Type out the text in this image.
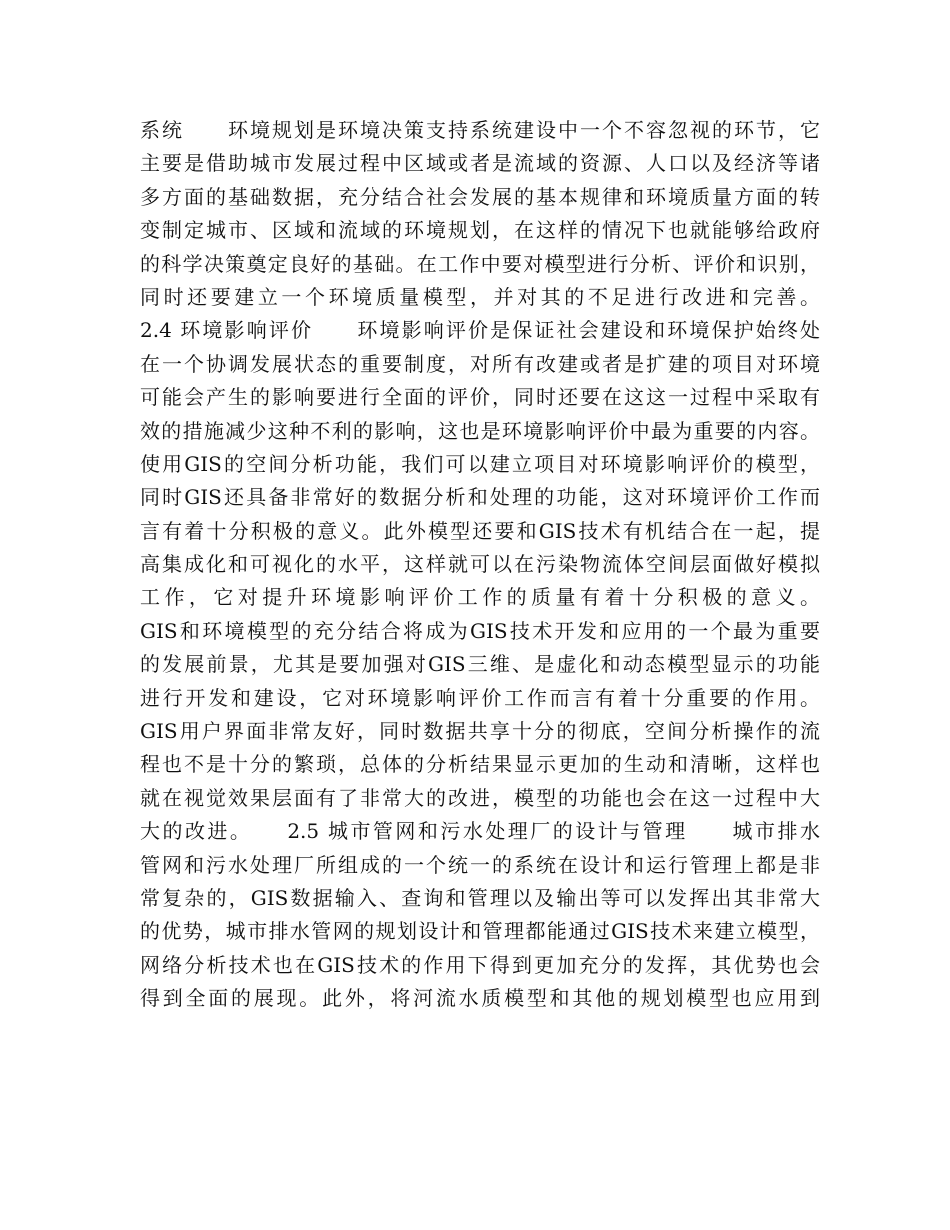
系统　　环境规划是环境决策支持系统建设中一个不容忽视的环节，它
主要是借助城市发展过程中区域或者是流域的资源、人口以及经济等诸
多方面的基础数据，充分结合社会发展的基本规律和环境质量方面的转
变制定城市、区域和流域的环境规划，在这样的情况下也就能够给政府
的科学决策奠定良好的基础。在工作中要对模型进行分析、评价和识别，
同时还要建立一个环境质量模型，并对其的不足进行改进和完善。
2.4 环境影响评价　　环境影响评价是保证社会建设和环境保护始终处
在一个协调发展状态的重要制度，对所有改建或者是扩建的项目对环境
可能会产生的影响要进行全面的评价，同时还要在这这一过程中采取有
效的措施减少这种不利的影响，这也是环境影响评价中最为重要的内容。
使用GIS的空间分析功能，我们可以建立项目对环境影响评价的模型，
同时GIS还具备非常好的数据分析和处理的功能，这对环境评价工作而
言有着十分积极的意义。此外模型还要和GIS技术有机结合在一起，提
高集成化和可视化的水平，这样就可以在污染物流体空间层面做好模拟
工作，它对提升环境影响评价工作的质量有着十分积极的意义。
GIS和环境模型的充分结合将成为GIS技术开发和应用的一个最为重要
的发展前景，尤其是要加强对GIS三维、是虚化和动态模型显示的功能
进行开发和建设，它对环境影响评价工作而言有着十分重要的作用。
GIS用户界面非常友好，同时数据共享十分的彻底，空间分析操作的流
程也不是十分的繁琐，总体的分析结果显示更加的生动和清晰，这样也
就在视觉效果层面有了非常大的改进，模型的功能也会在这一过程中大
大的改进。　　2.5 城市管网和污水处理厂的设计与管理　　城市排水
管网和污水处理厂所组成的一个统一的系统在设计和运行管理上都是非
常复杂的，GIS数据输入、查询和管理以及输出等可以发挥出其非常大
的优势，城市排水管网的规划设计和管理都能通过GIS技术来建立模型，
网络分析技术也在GIS技术的作用下得到更加充分的发挥，其优势也会
得到全面的展现。此外，将河流水质模型和其他的规划模型也应用到
